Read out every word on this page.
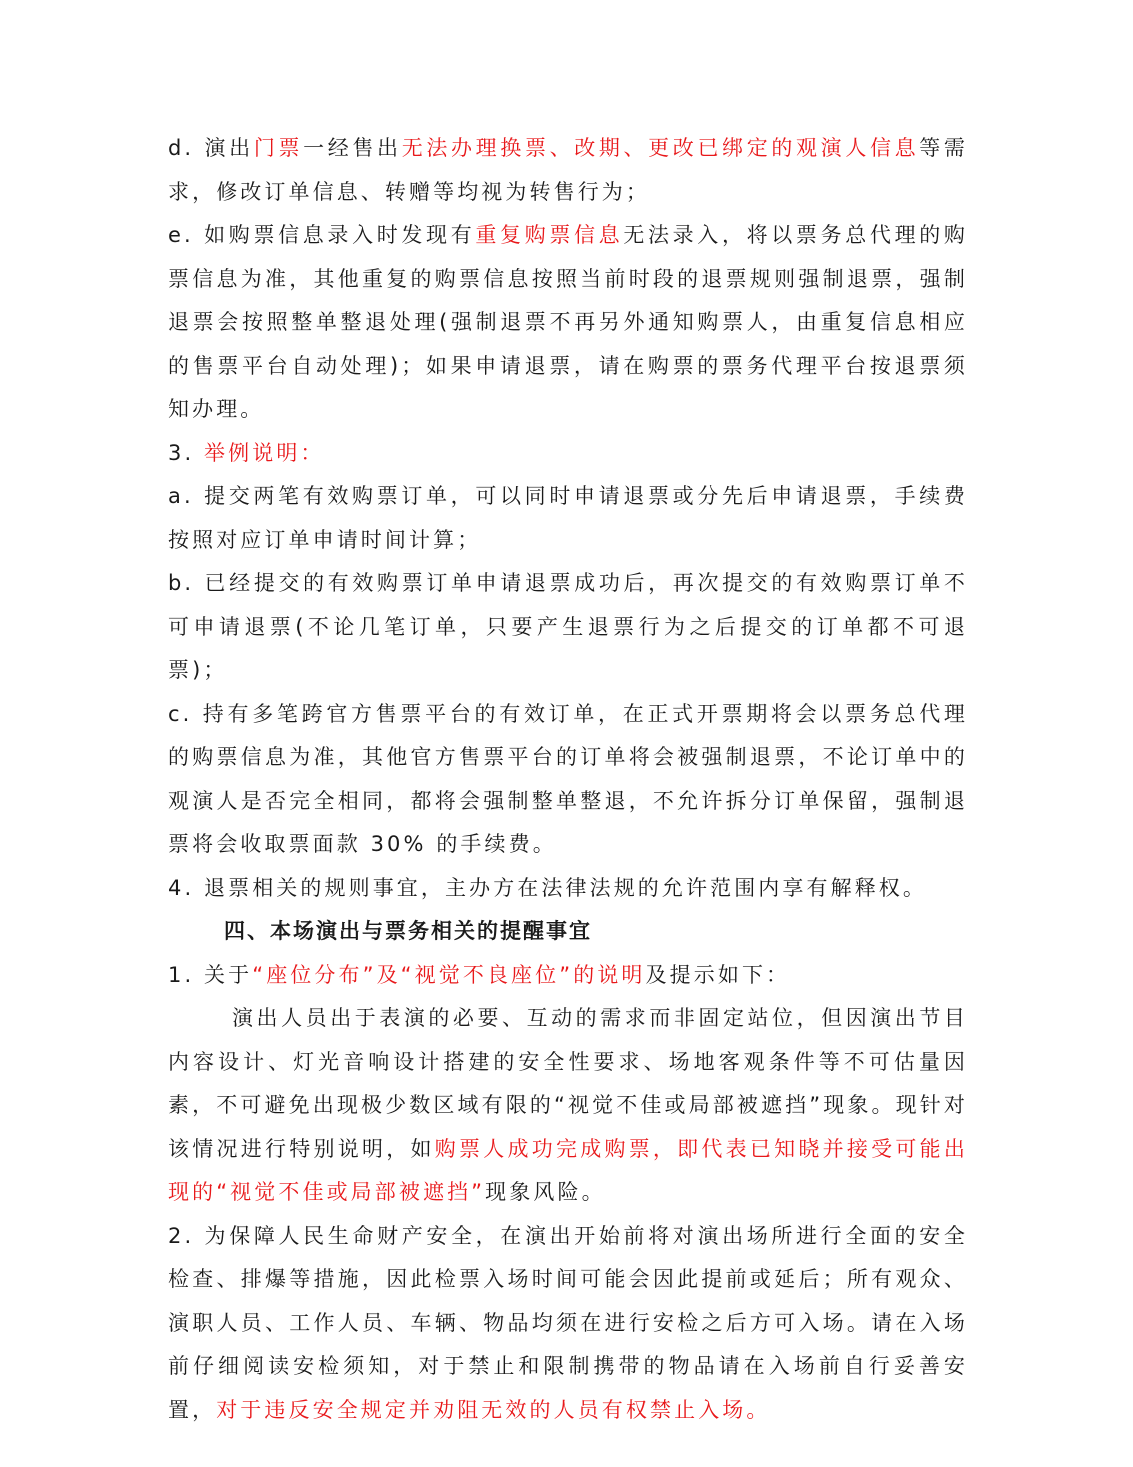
d. 演出门票一经售出无法办理换票、改期、更改已绑定的观演人信息等需求，修改订单信息、转赠等均视为转售行为；

e. 如购票信息录入时发现有重复购票信息无法录入，将以票务总代理的购票信息为准，其他重复的购票信息按照当前时段的退票规则强制退票，强制退票会按照整单整退处理(强制退票不再另外通知购票人，由重复信息相应的售票平台自动处理)；如果申请退票，请在购票的票务代理平台按退票须知办理。

3. 举例说明：

a. 提交两笔有效购票订单，可以同时申请退票或分先后申请退票，手续费按照对应订单申请时间计算；

b. 已经提交的有效购票订单申请退票成功后，再次提交的有效购票订单不可申请退票(不论几笔订单，只要产生退票行为之后提交的订单都不可退票)；

c. 持有多笔跨官方售票平台的有效订单，在正式开票期将会以票务总代理的购票信息为准，其他官方售票平台的订单将会被强制退票，不论订单中的观演人是否完全相同，都将会强制整单整退，不允许拆分订单保留，强制退票将会收取票面款 30% 的手续费。

4. 退票相关的规则事宜，主办方在法律法规的允许范围内享有解释权。

四、本场演出与票务相关的提醒事宜

1. 关于“座位分布”及“视觉不良座位”的说明及提示如下：

演出人员出于表演的必要、互动的需求而非固定站位，但因演出节目内容设计、灯光音响设计搭建的安全性要求、场地客观条件等不可估量因素，不可避免出现极少数区域有限的“视觉不佳或局部被遮挡”现象。现针对该情况进行特别说明，如购票人成功完成购票，即代表已知晓并接受可能出现的“视觉不佳或局部被遮挡”现象风险。

2. 为保障人民生命财产安全，在演出开始前将对演出场所进行全面的安全检查、排爆等措施，因此检票入场时间可能会因此提前或延后；所有观众、演职人员、工作人员、车辆、物品均须在进行安检之后方可入场。请在入场前仔细阅读安检须知，对于禁止和限制携带的物品请在入场前自行妥善安置，对于违反安全规定并劝阻无效的人员有权禁止入场。
